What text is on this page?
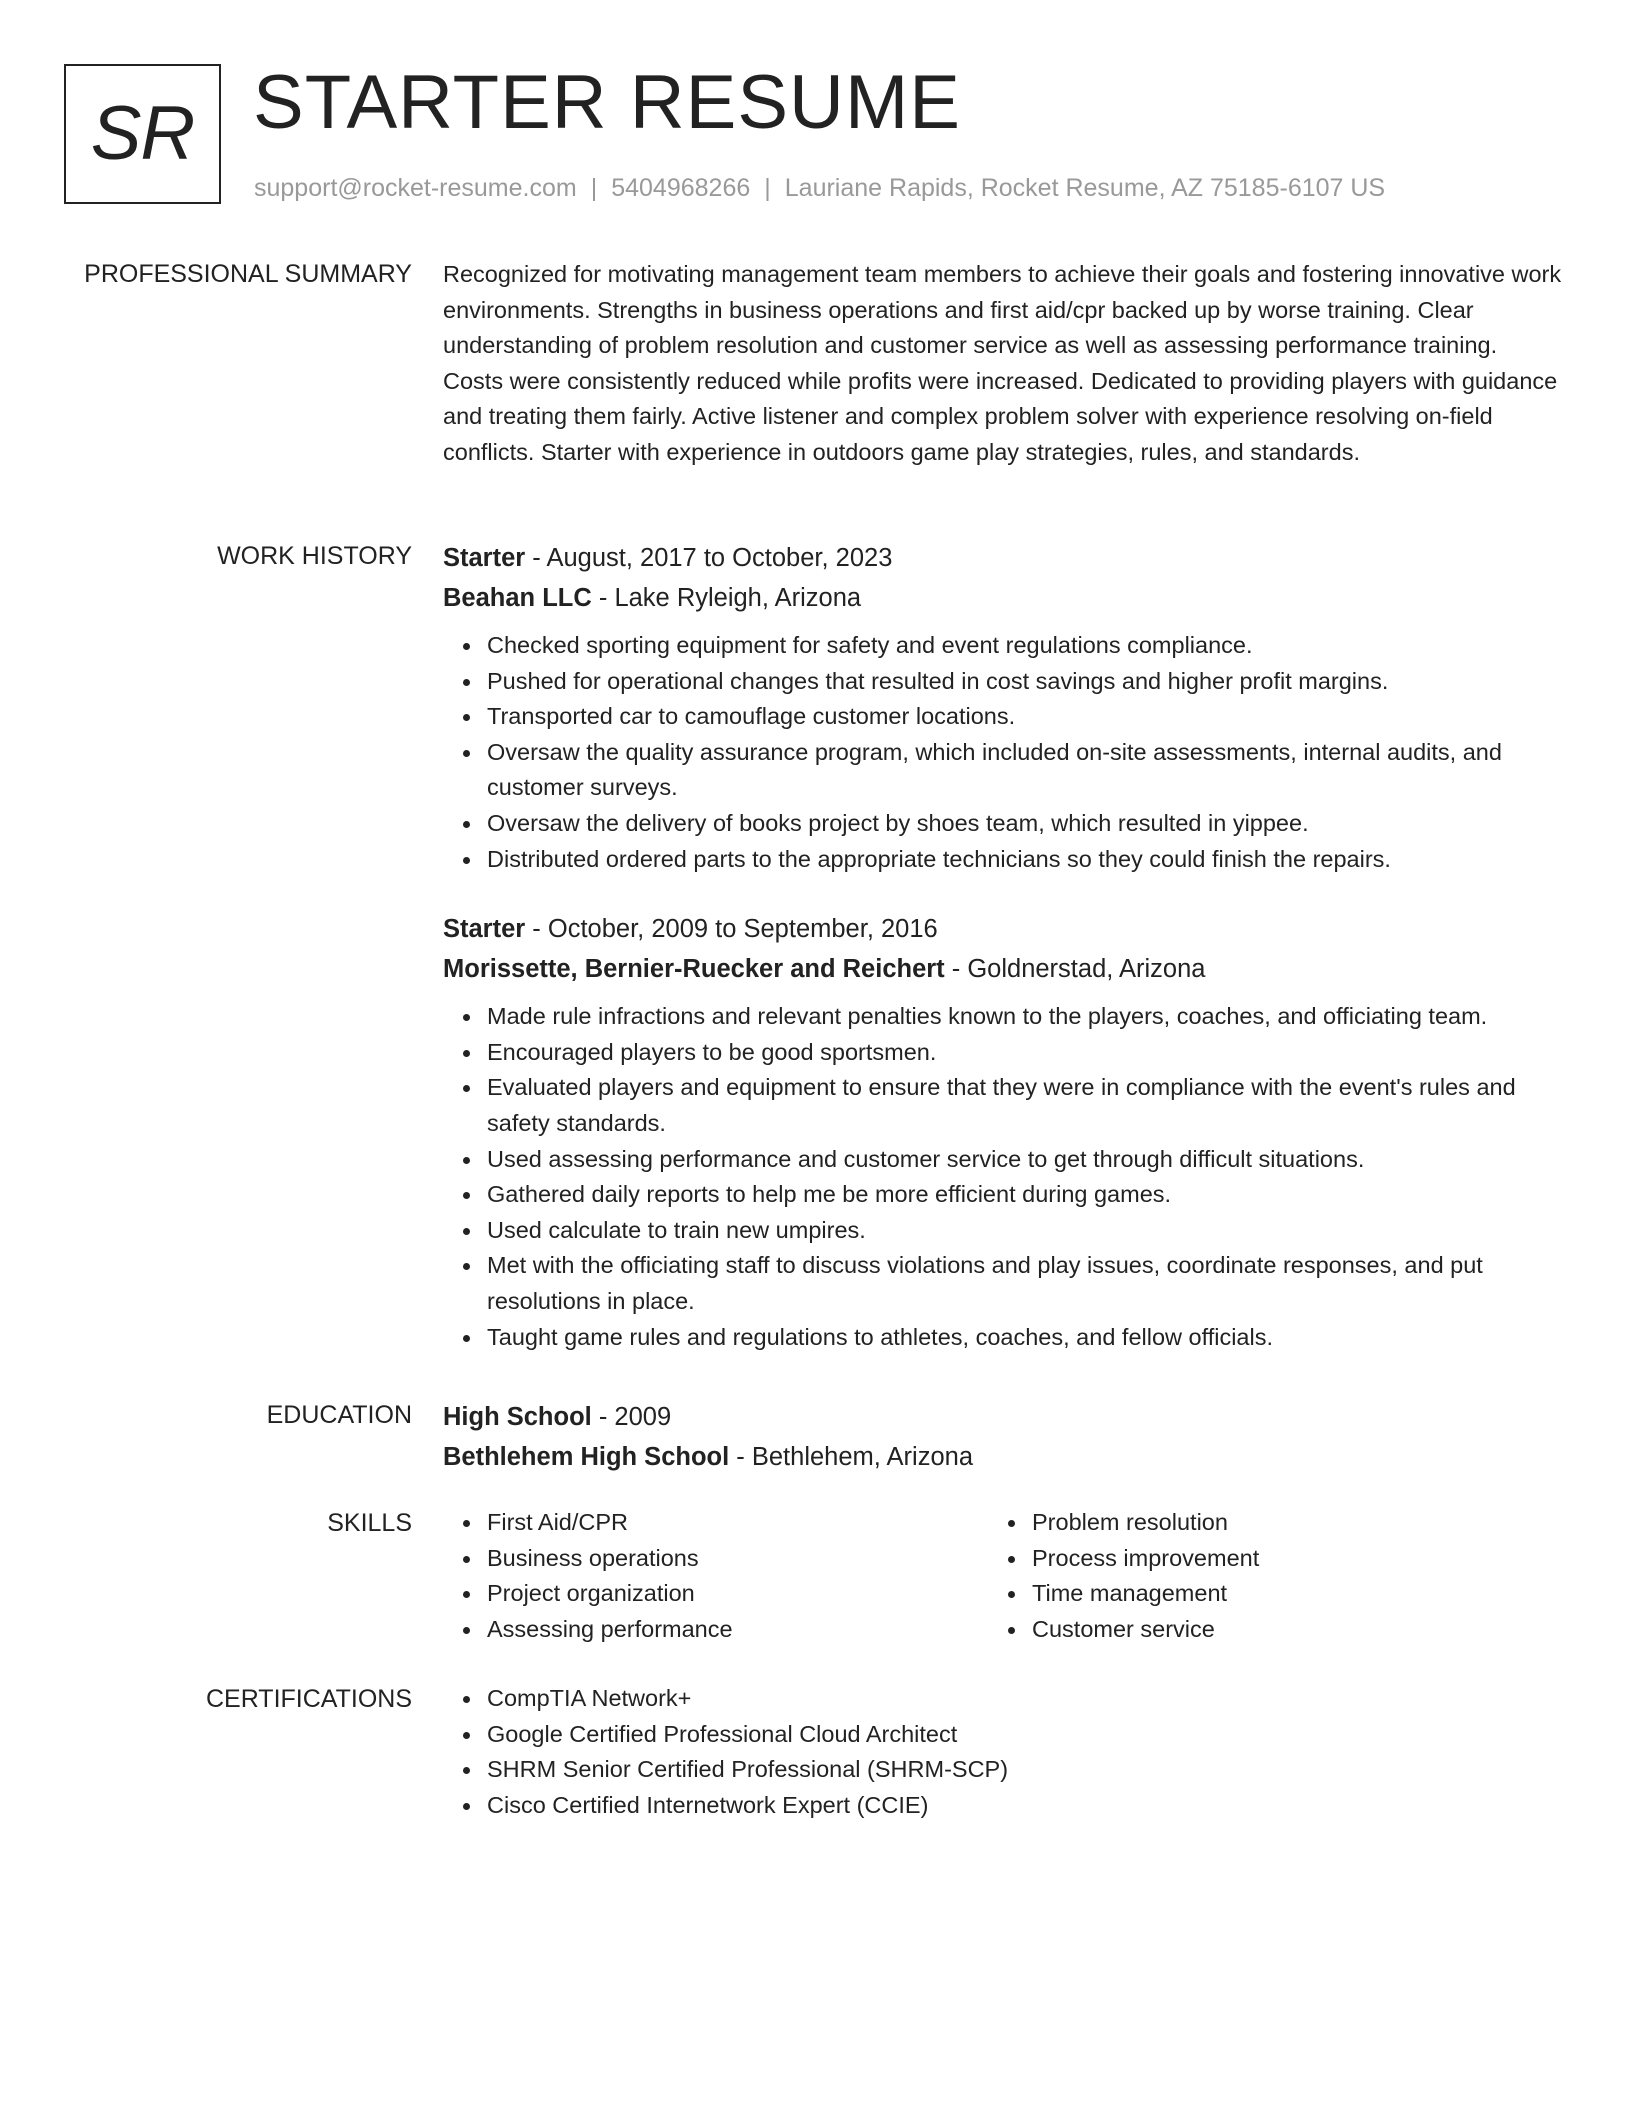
SR STARTER RESUME
support@rocket-resume.com | 5404968266 | Lauriane Rapids, Rocket Resume, AZ 75185-6107 US
PROFESSIONAL SUMMARY Recognized for motivating management team members to achieve their goals and fostering innovative work environments. Strengths in business operations and first aid/cpr backed up by worse training. Clear understanding of problem resolution and customer service as well as assessing performance training. Costs were consistently reduced while profits were increased. Dedicated to providing players with guidance and treating them fairly. Active listener and complex problem solver with experience resolving on-field conflicts. Starter with experience in outdoors game play strategies, rules, and standards.

WORK HISTORY Starter - August, 2017 to October, 2023
Beahan LLC - Lake Ryleigh, Arizona
Checked sporting equipment for safety and event regulations compliance.
Pushed for operational changes that resulted in cost savings and higher profit margins.
Transported car to camouflage customer locations.
Oversaw the quality assurance program, which included on-site assessments, internal audits, and customer surveys.
Oversaw the delivery of books project by shoes team, which resulted in yippee.
Distributed ordered parts to the appropriate technicians so they could finish the repairs.
Starter - October, 2009 to September, 2016
Morissette, Bernier-Ruecker and Reichert - Goldnerstad, Arizona
Made rule infractions and relevant penalties known to the players, coaches, and officiating team.
Encouraged players to be good sportsmen.
Evaluated players and equipment to ensure that they were in compliance with the event's rules and safety standards.
Used assessing performance and customer service to get through difficult situations.
Gathered daily reports to help me be more efficient during games.
Used calculate to train new umpires.
Met with the officiating staff to discuss violations and play issues, coordinate responses, and put resolutions in place.
Taught game rules and regulations to athletes, coaches, and fellow officials.
EDUCATION High School - 2009
Bethlehem High School - Bethlehem, Arizona
SKILLS	First Aid/CPR
Business operations
Project organization
Assessing performance
Problem resolution
Process improvement
Time management
Customer service
CERTIFICATIONS	CompTIA Network+
Google Certified Professional Cloud Architect
SHRM Senior Certified Professional (SHRM-SCP)
Cisco Certified Internetwork Expert (CCIE)
